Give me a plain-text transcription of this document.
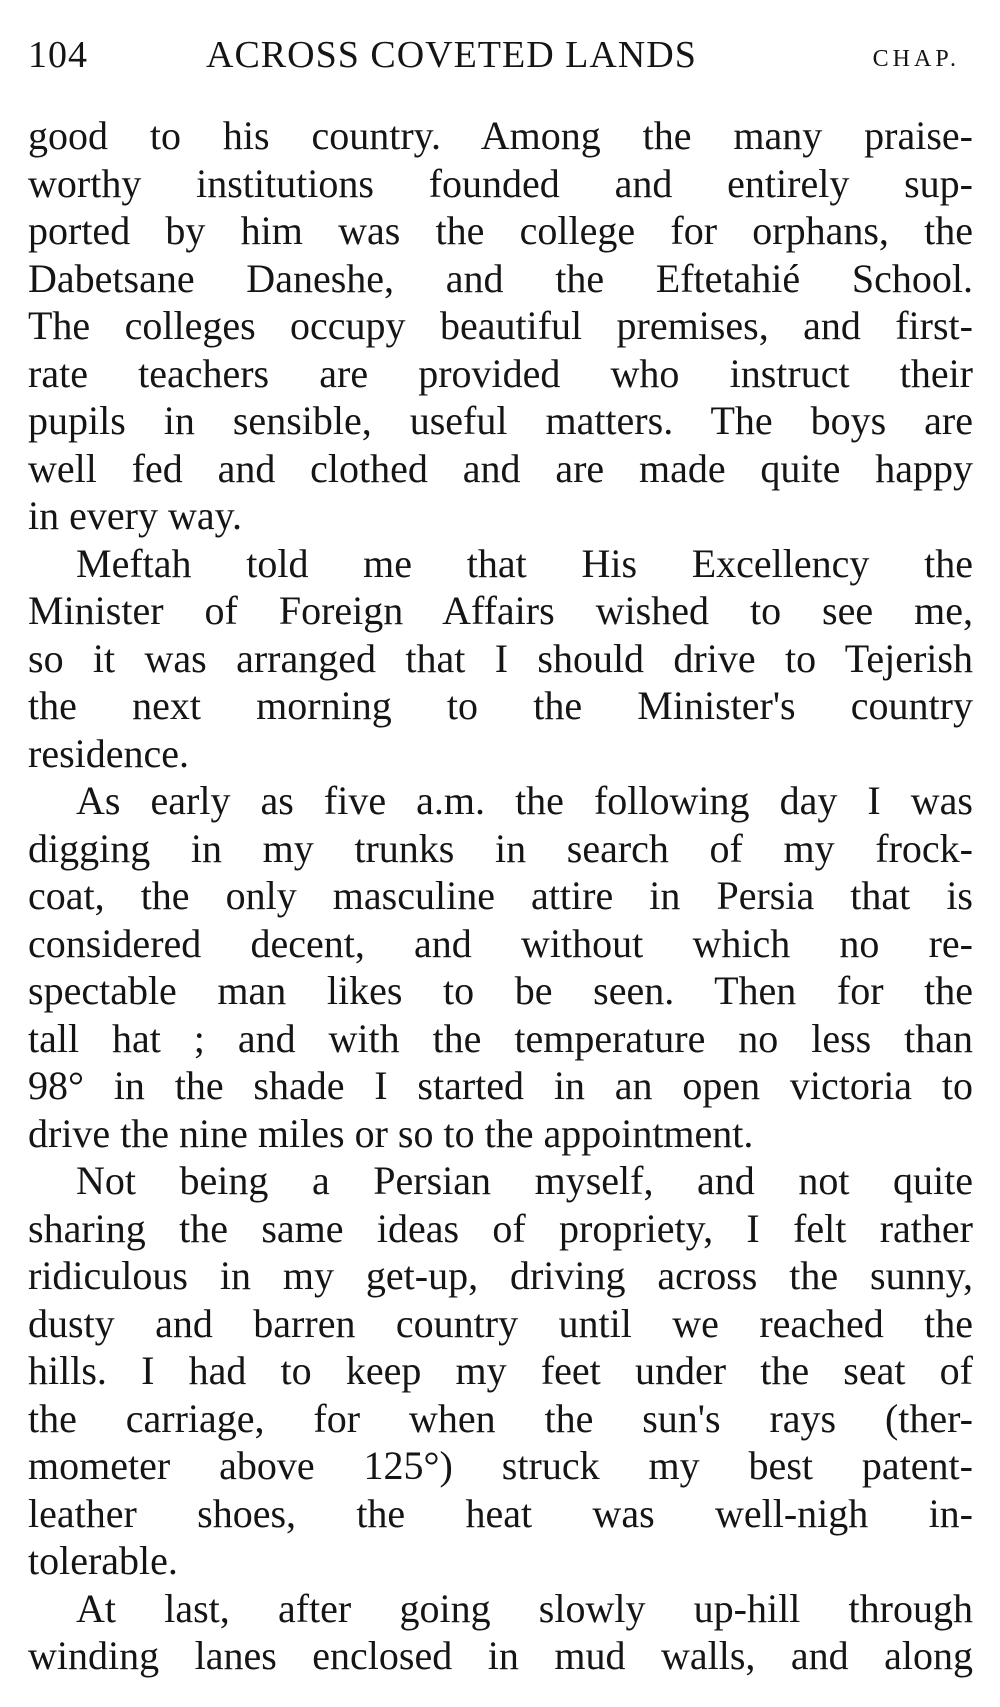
104	ACROSS COVETED LANDS	CHAP.
good to his country. Among the many praise-
worthy institutions founded and entirely sup-
ported by him was the college for orphans, the
Dabetsane Daneshe, and the Eftetahié School.
The colleges occupy beautiful premises, and first-
rate teachers are provided who instruct their
pupils in sensible, useful matters. The boys are
well fed and clothed and are made quite happy
in every way.
Meftah told me that His Excellency the
Minister of Foreign Affairs wished to see me,
so it was arranged that I should drive to Tejerish
the next morning to the Minister's country
residence.
As early as five a.m. the following day I was
digging in my trunks in search of my frock-
coat, the only masculine attire in Persia that is
considered decent, and without which no re-
spectable man likes to be seen. Then for the
tall hat ; and with the temperature no less than
98° in the shade I started in an open victoria to
drive the nine miles or so to the appointment.
Not being a Persian myself, and not quite
sharing the same ideas of propriety, I felt rather
ridiculous in my get-up, driving across the sunny,
dusty and barren country until we reached the
hills. I had to keep my feet under the seat of
the carriage, for when the sun's rays (ther-
mometer above 125°) struck my best patent-
leather shoes, the heat was well-nigh in-
tolerable.
At last, after going slowly up-hill through
winding lanes enclosed in mud walls, and along
